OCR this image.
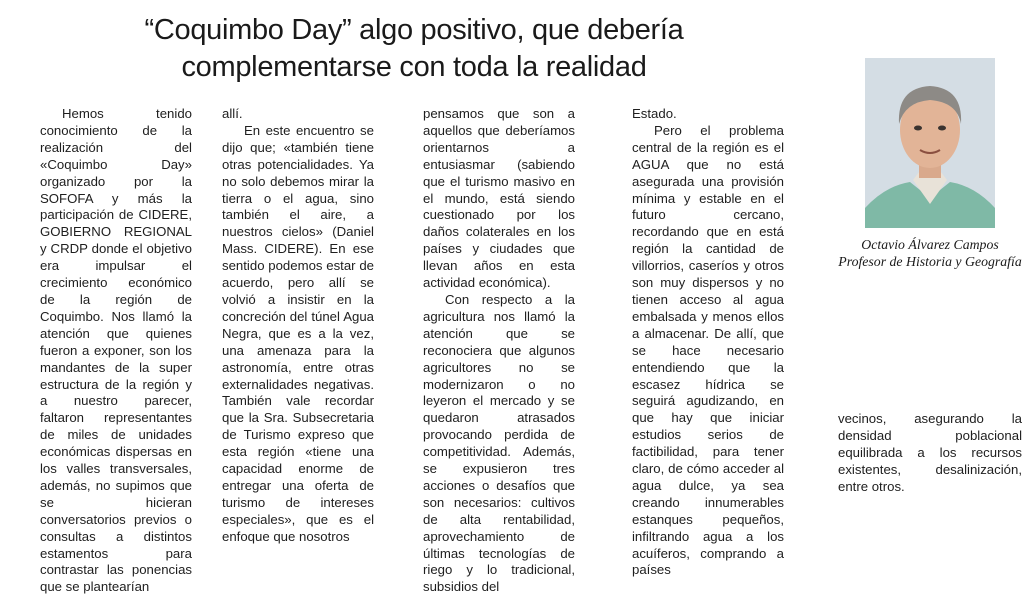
“Coquimbo Day” algo positivo, que debería
complementarse con toda la realidad

Hemos tenido conocimiento de la realización del «Coquimbo Day» organizado por la SOFOFA y más la participación de CIDERE, GOBIERNO REGIONAL y CRDP donde el objetivo era impulsar el crecimiento económico de la región de Coquimbo. Nos llamó la atención que quienes fueron a exponer, son los mandantes de la super estructura de la región y a nuestro parecer, faltaron representantes de miles de unidades económicas dispersas en los valles transversales, además, no supimos que se hicieran conversatorios previos o consultas a distintos estamentos para contrastar las ponencias que se plantearían

allí.

En este encuentro se dijo que; «también tiene otras potencialidades. Ya no solo debemos mirar la tierra o el agua, sino también el aire, a nuestros cielos» (Daniel Mass. CIDERE). En ese sentido podemos estar de acuerdo, pero allí se volvió a insistir en la concreción del túnel Agua Negra, que es a la vez, una amenaza para la astronomía, entre otras externalidades negativas. También vale recordar que la Sra. Subsecretaria de Turismo expreso que esta región «tiene una capacidad enorme de entregar una oferta de turismo de intereses especiales», que es el enfoque que nosotros

pensamos que son a aquellos que deberíamos orientarnos a entusiasmar (sabiendo que el turismo masivo en el mundo, está siendo cuestionado por los daños colaterales en los países y ciudades que llevan años en esta actividad económica).

Con respecto a la agricultura nos llamó la atención que se reconociera que algunos agricultores no se modernizaron o no leyeron el mercado y se quedaron atrasados provocando perdida de competitividad. Además, se expusieron tres acciones o desafíos que son necesarios: cultivos de alta rentabilidad, aprovechamiento de últimas tecnologías de riego y lo tradicional, subsidios del

Estado.

Pero el problema central de la región es el AGUA que no está asegurada una provisión mínima y estable en el futuro cercano, recordando que en está región la cantidad de villorrios, caseríos y otros son muy dispersos y no tienen acceso al agua embalsada y menos ellos a almacenar. De allí, que se hace necesario entendiendo que la escasez hídrica se seguirá agudizando, en que hay que iniciar estudios serios de factibilidad, para tener claro, de cómo acceder al agua dulce, ya sea creando innumerables estanques pequeños, infiltrando agua a los acuíferos, comprando a países

vecinos, asegurando la densidad poblacional equilibrada a los recursos existentes, desalinización, entre otros.

Octavio Álvarez Campos
Profesor de Historia y Geografía
